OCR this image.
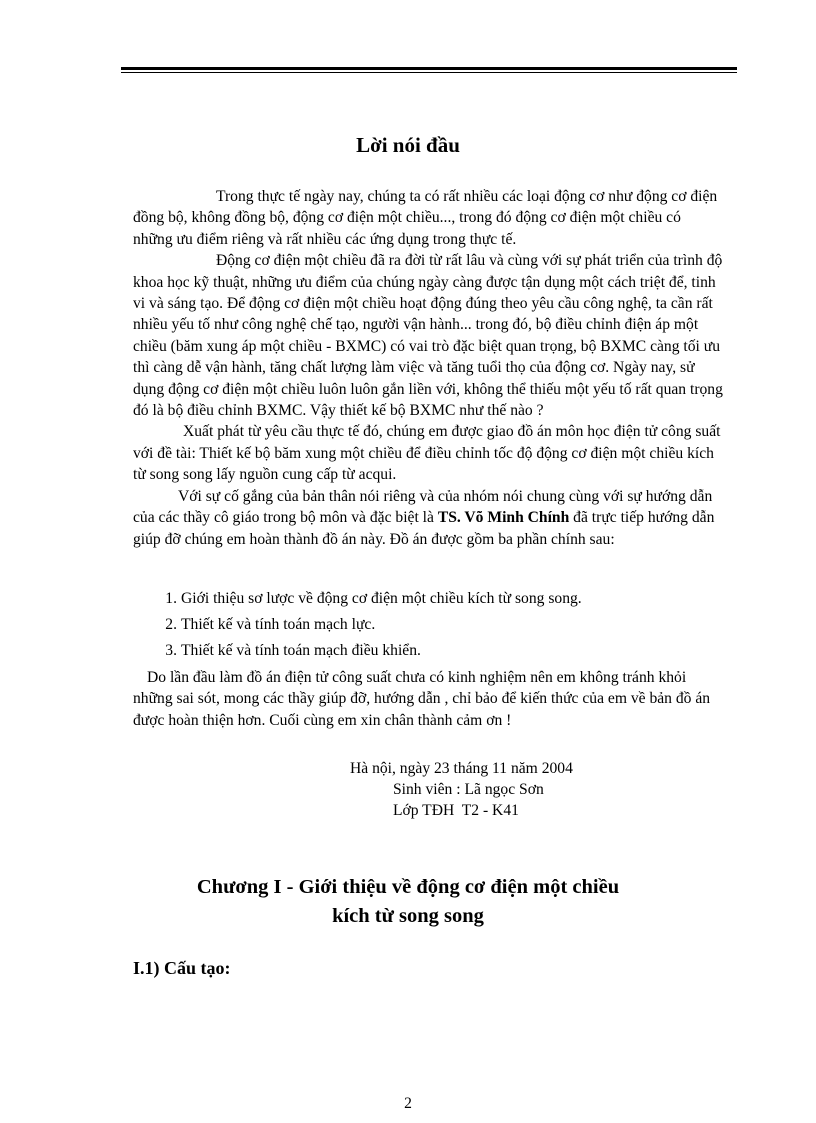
Lời nói đầu

Trong thực tế ngày nay, chúng ta có rất nhiều các loại động cơ như động cơ điện đồng bộ, không đồng bộ, động cơ điện một chiều..., trong đó động cơ điện một chiều có những ưu điểm riêng và rất nhiều các ứng dụng trong thực tế.

Động cơ điện một chiều đã ra đời từ rất lâu và cùng với sự phát triển của trình độ khoa học kỹ thuật, những ưu điểm của chúng ngày càng được tận dụng một cách triệt để, tinh vi và sáng tạo. Để động cơ điện một chiều hoạt động đúng theo yêu cầu công nghệ, ta cần rất nhiều yếu tố như công nghệ chế tạo, người vận hành... trong đó, bộ điều chỉnh điện áp một chiều (băm xung áp một chiều - BXMC) có vai trò đặc biệt quan trọng, bộ BXMC càng tối ưu thì càng dễ vận hành, tăng chất lượng làm việc và tăng tuổi thọ của động cơ. Ngày nay, sử dụng động cơ điện một chiều luôn luôn gắn liền với, không thể thiếu một yếu tố rất quan trọng đó là bộ điều chỉnh BXMC. Vậy thiết kế bộ BXMC như thế nào ?

Xuất phát từ yêu cầu thực tế đó, chúng em được giao đồ án môn học điện tử công suất với đề tài: Thiết kế bộ băm xung một chiều để điều chỉnh tốc độ động cơ điện một chiều kích từ song song lấy nguồn cung cấp từ acqui.

Với sự cố gắng của bản thân nói riêng và của nhóm nói chung cùng với sự hướng dẫn của các thầy cô giáo trong bộ môn và đặc biệt là TS. Võ Minh Chính đã trực tiếp hướng dẫn giúp đỡ chúng em hoàn thành đồ án này. Đồ án được gồm ba phần chính sau:

1. Giới thiệu sơ lược về động cơ điện một chiều kích từ song song.
2. Thiết kế và tính toán mạch lực.
3. Thiết kế và tính toán mạch điều khiển.

Do lần đầu làm đồ án điện tử công suất chưa có kinh nghiệm nên em không tránh khỏi những sai sót, mong các thầy giúp đỡ, hướng dẫn , chỉ bảo để kiến thức của em về bản đồ án được hoàn thiện hơn. Cuối cùng em xin chân thành cảm ơn !

Hà nội, ngày 23 tháng 11 năm 2004
Sinh viên : Lã ngọc Sơn
Lớp TĐH  T2 - K41
Chương I - Giới thiệu về động cơ điện một chiều
kích từ song song
I.1) Cấu tạo:
2
